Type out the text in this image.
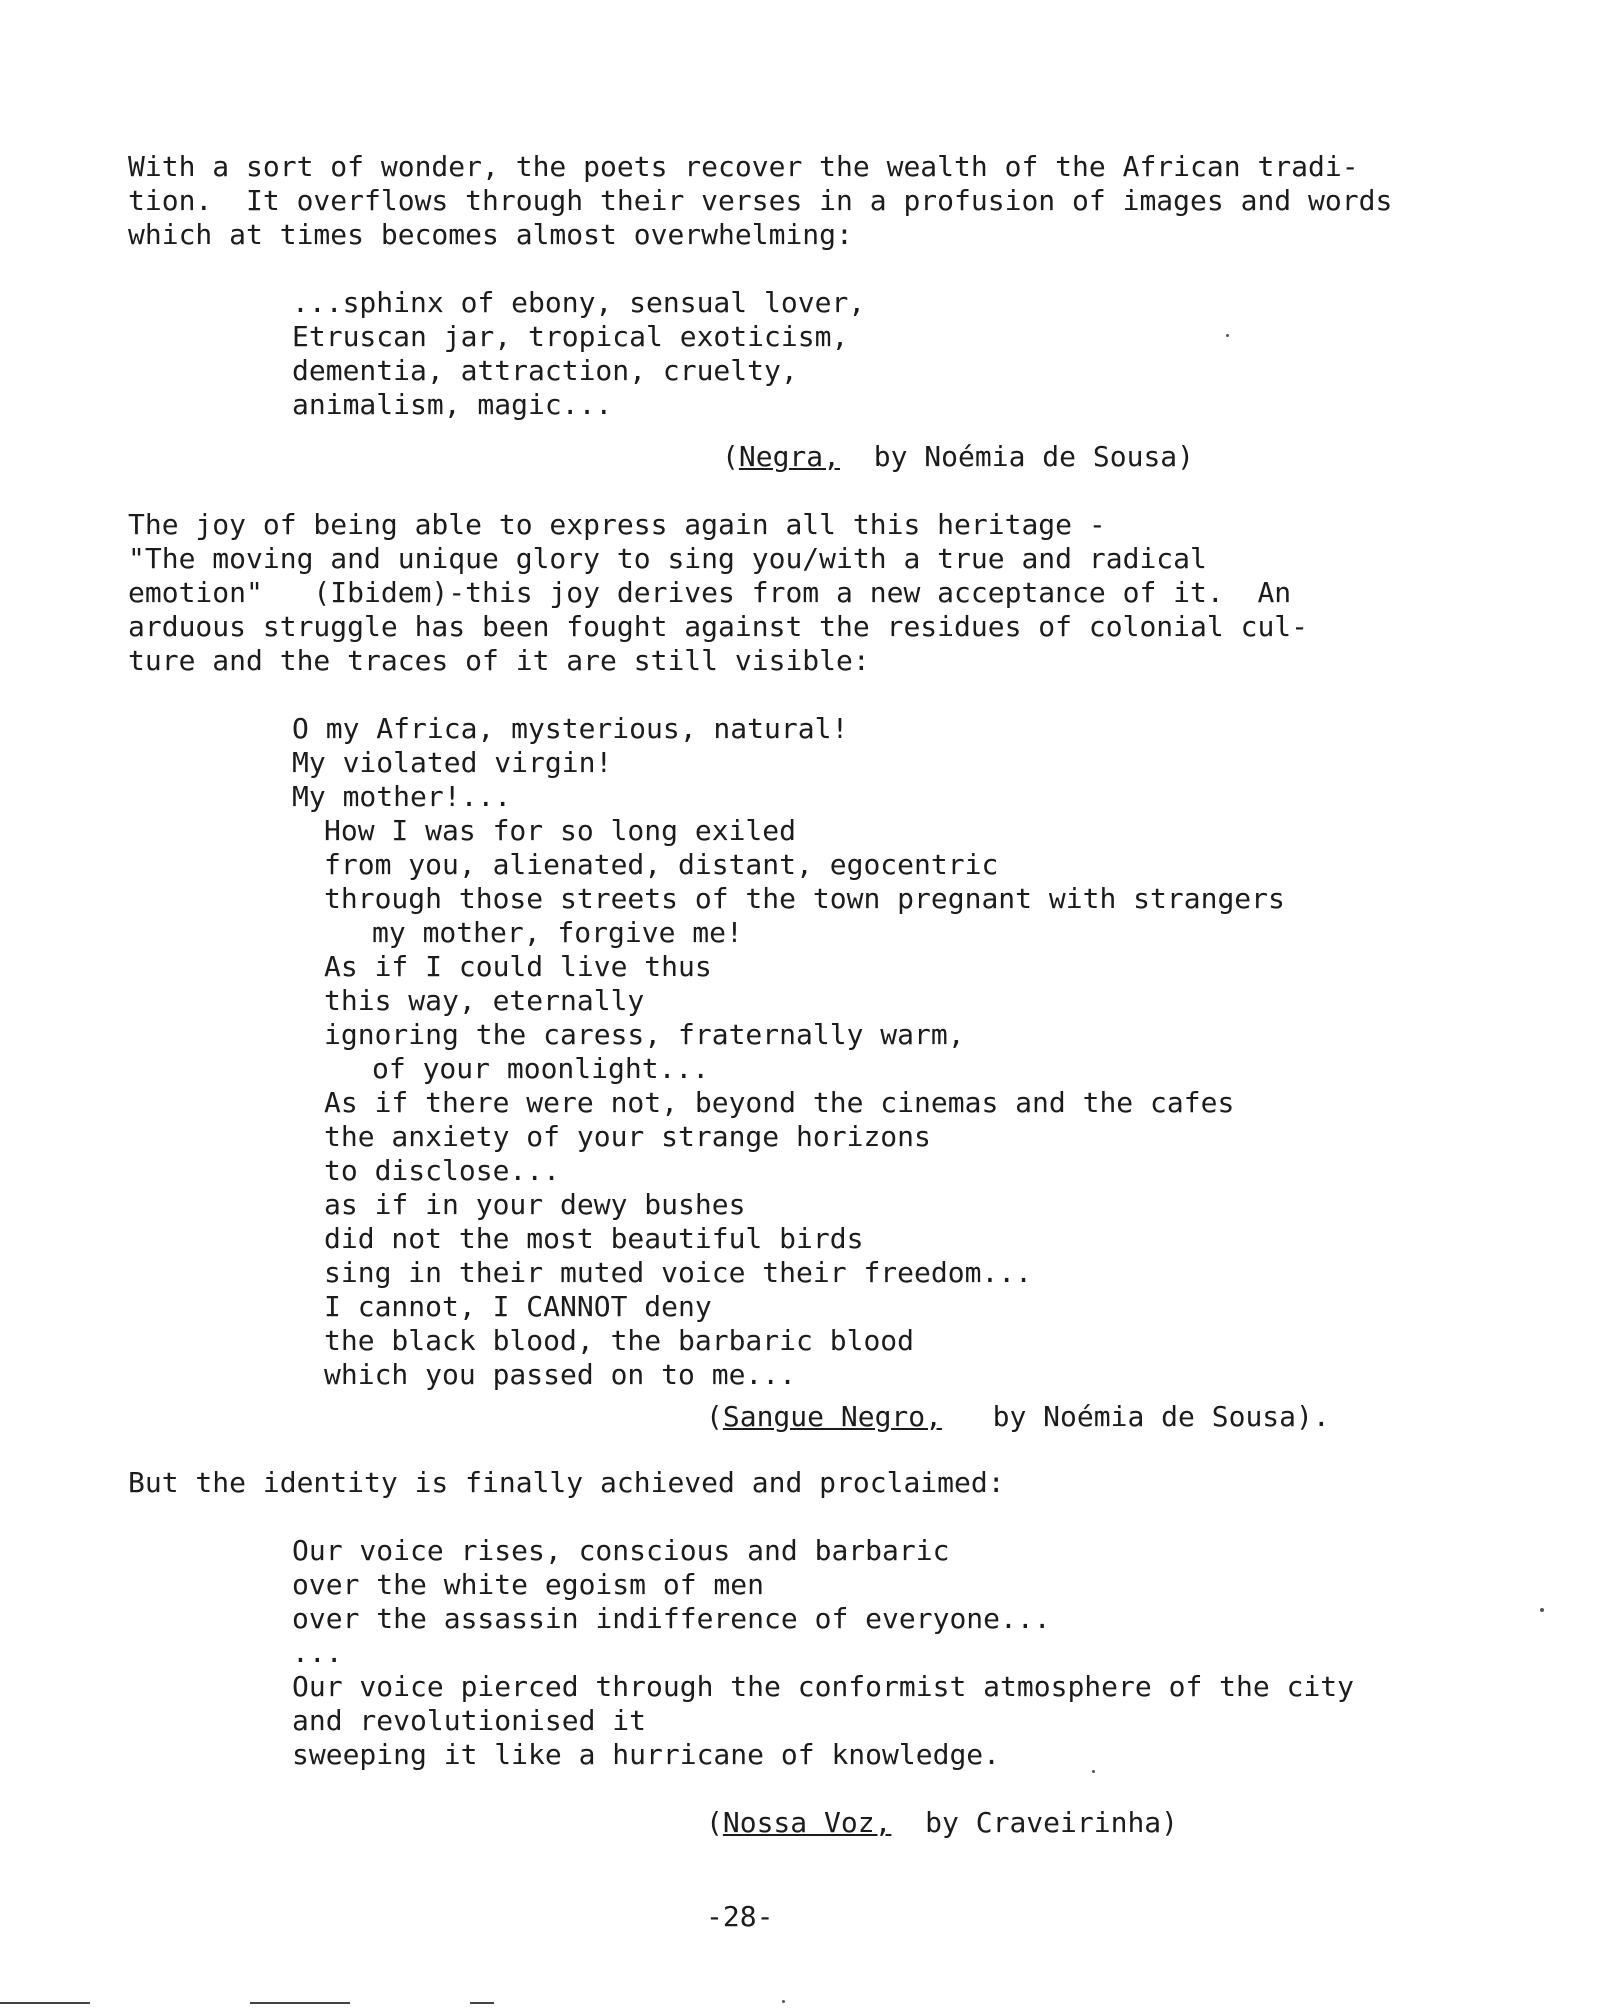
With a sort of wonder, the poets recover the wealth of the African tradi-
tion.  It overflows through their verses in a profusion of images and words
which at times becomes almost overwhelming:
...sphinx of ebony, sensual lover,
Etruscan jar, tropical exoticism,
dementia, attraction, cruelty,
animalism, magic...
(Negra,  by Noémia de Sousa)
The joy of being able to express again all this heritage -
"The moving and unique glory to sing you/with a true and radical
emotion"   (Ibidem)-this joy derives from a new acceptance of it.  An
arduous struggle has been fought against the residues of colonial cul-
ture and the traces of it are still visible:
O my Africa, mysterious, natural!
My violated virgin!
My mother!...
How I was for so long exiled
from you, alienated, distant, egocentric
through those streets of the town pregnant with strangers
my mother, forgive me!
As if I could live thus
this way, eternally
ignoring the caress, fraternally warm,
of your moonlight...
As if there were not, beyond the cinemas and the cafes
the anxiety of your strange horizons
to disclose...
as if in your dewy bushes
did not the most beautiful birds
sing in their muted voice their freedom...
I cannot, I CANNOT deny
the black blood, the barbaric blood
which you passed on to me...
(Sangue Negro,   by Noémia de Sousa).
But the identity is finally achieved and proclaimed:
Our voice rises, conscious and barbaric
over the white egoism of men
over the assassin indifference of everyone...
...
Our voice pierced through the conformist atmosphere of the city
and revolutionised it
sweeping it like a hurricane of knowledge.
(Nossa Voz,  by Craveirinha)
-28-
